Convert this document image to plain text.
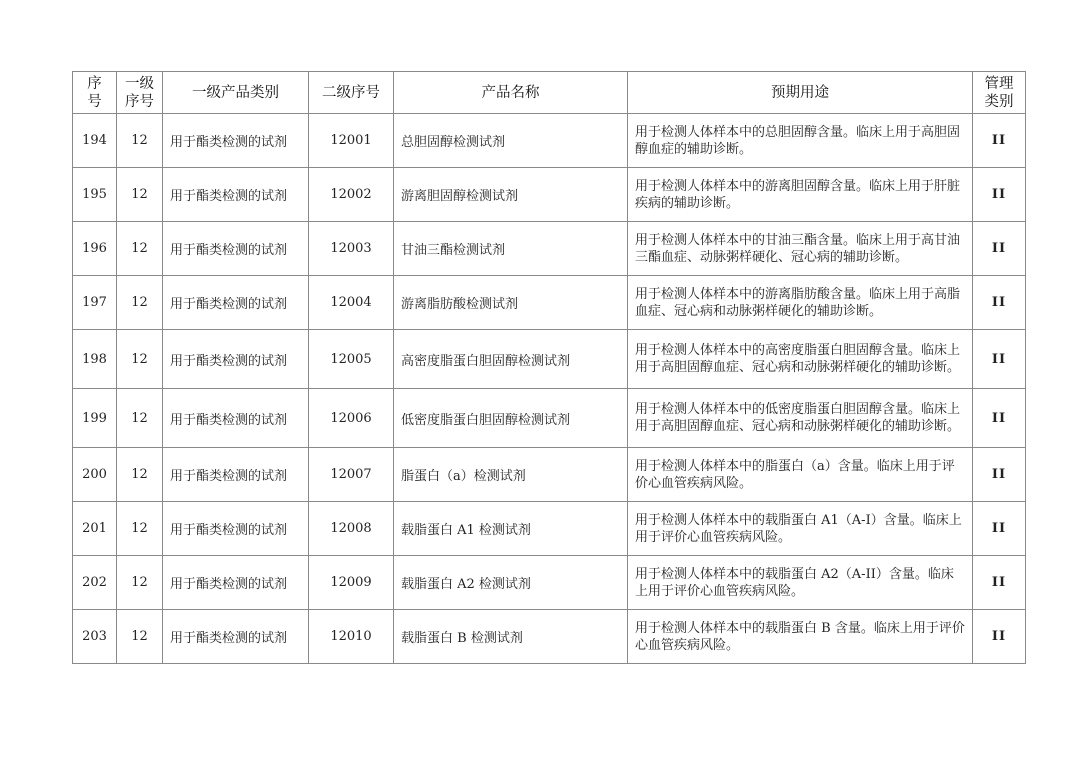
序号	一级序号	一级产品类别	二级序号	产品名称	预期用途	管理类别
194	12	用于酯类检测的试剂	12001	总胆固醇检测试剂	用于检测人体样本中的总胆固醇含量。临床上用于高胆固醇血症的辅助诊断。	II
195	12	用于酯类检测的试剂	12002	游离胆固醇检测试剂	用于检测人体样本中的游离胆固醇含量。临床上用于肝脏疾病的辅助诊断。	II
196	12	用于酯类检测的试剂	12003	甘油三酯检测试剂	用于检测人体样本中的甘油三酯含量。临床上用于高甘油三酯血症、动脉粥样硬化、冠心病的辅助诊断。	II
197	12	用于酯类检测的试剂	12004	游离脂肪酸检测试剂	用于检测人体样本中的游离脂肪酸含量。临床上用于高脂血症、冠心病和动脉粥样硬化的辅助诊断。	II
198	12	用于酯类检测的试剂	12005	高密度脂蛋白胆固醇检测试剂	用于检测人体样本中的高密度脂蛋白胆固醇含量。临床上用于高胆固醇血症、冠心病和动脉粥样硬化的辅助诊断。	II
199	12	用于酯类检测的试剂	12006	低密度脂蛋白胆固醇检测试剂	用于检测人体样本中的低密度脂蛋白胆固醇含量。临床上用于高胆固醇血症、冠心病和动脉粥样硬化的辅助诊断。	II
200	12	用于酯类检测的试剂	12007	脂蛋白（a）检测试剂	用于检测人体样本中的脂蛋白（a）含量。临床上用于评价心血管疾病风险。	II
201	12	用于酯类检测的试剂	12008	载脂蛋白 A1 检测试剂	用于检测人体样本中的载脂蛋白 A1（A-I）含量。临床上用于评价心血管疾病风险。	II
202	12	用于酯类检测的试剂	12009	载脂蛋白 A2 检测试剂	用于检测人体样本中的载脂蛋白 A2（A-II）含量。临床上用于评价心血管疾病风险。	II
203	12	用于酯类检测的试剂	12010	载脂蛋白 B 检测试剂	用于检测人体样本中的载脂蛋白 B 含量。临床上用于评价心血管疾病风险。	II
